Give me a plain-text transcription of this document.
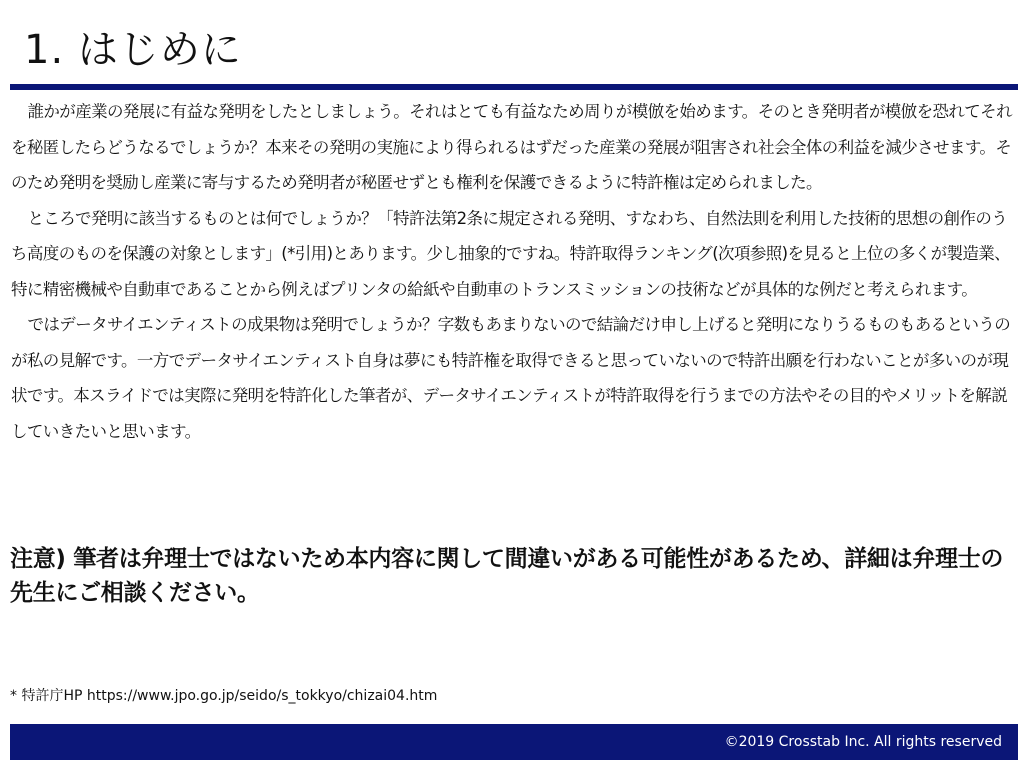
1. はじめに

誰かが産業の発展に有益な発明をしたとしましょう。それはとても有益なため周りが模倣を始めます。そのとき発明者が模倣を恐れてそれを秘匿したらどうなるでしょうか？本来その発明の実施により得られるはずだった産業の発展が阻害され社会全体の利益を減少させます。そのため発明を奨励し産業に寄与するため発明者が秘匿せずとも権利を保護できるように特許権は定められました。

ところで発明に該当するものとは何でしょうか？「特許法第2条に規定される発明、すなわち、自然法則を利用した技術的思想の創作のうち高度のものを保護の対象とします」(*引用)とあります。少し抽象的ですね。特許取得ランキング(次項参照)を見ると上位の多くが製造業、特に精密機械や自動車であることから例えばプリンタの給紙や自動車のトランスミッションの技術などが具体的な例だと考えられます。

ではデータサイエンティストの成果物は発明でしょうか？字数もあまりないので結論だけ申し上げると発明になりうるものもあるというのが私の見解です。一方でデータサイエンティスト自身は夢にも特許権を取得できると思っていないので特許出願を行わないことが多いのが現状です。本スライドでは実際に発明を特許化した筆者が、データサイエンティストが特許取得を行うまでの方法やその目的やメリットを解説していきたいと思います。

注意) 筆者は弁理士ではないため本内容に関して間違いがある可能性があるため、詳細は弁理士の先生にご相談ください。

* 特許庁HP https://www.jpo.go.jp/seido/s_tokkyo/chizai04.htm

©2019 Crosstab Inc. All rights reserved
